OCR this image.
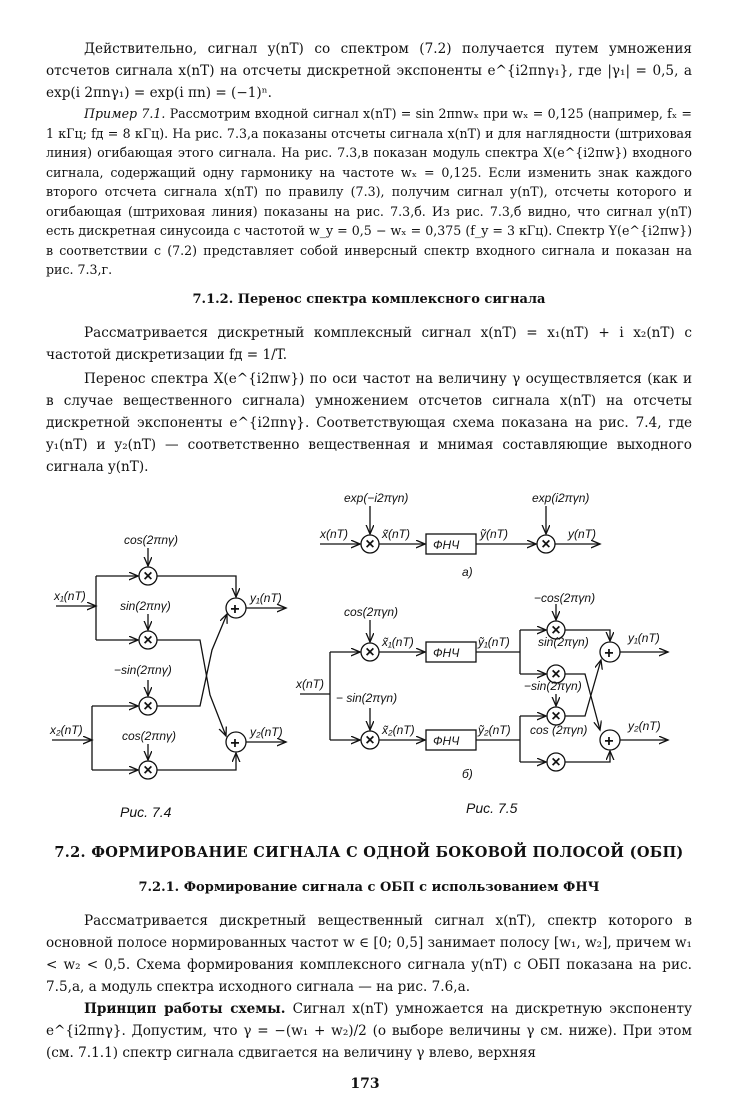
Действительно, сигнал y(nT) со спектром (7.2) получается путем умножения отсчетов сигнала x(nT) на отсчеты дискретной экспоненты e^{i2πnγ₁}, где |γ₁| = 0,5, а exp(i 2πnγ₁) = exp(i πn) = (−1)ⁿ.

Пример 7.1. Рассмотрим входной сигнал x(nT) = sin 2πnwₓ при wₓ = 0,125 (например, fₓ = 1 кГц; fд = 8 кГц). На рис. 7.3,а показаны отсчеты сигнала x(nT) и для наглядности (штриховая линия) огибающая этого сигнала. На рис. 7.3,в показан модуль спектра X(e^{i2πw}) входного сигнала, содержащий одну гармонику на частоте wₓ = 0,125. Если изменить знак каждого второго отсчета сигнала x(nT) по правилу (7.3), получим сигнал y(nT), отсчеты которого и огибающая (штриховая линия) показаны на рис. 7.3,б. Из рис. 7.3,б видно, что сигнал y(nT) есть дискретная синусоида с частотой w_y = 0,5 − wₓ = 0,375 (f_y = 3 кГц). Спектр Y(e^{i2πw}) в соответствии с (7.2) представляет собой инверсный спектр входного сигнала и показан на рис. 7.3,г.

7.1.2. Перенос спектра комплексного сигнала

Рассматривается дискретный комплексный сигнал x(nT) = x₁(nT) + i x₂(nT) с частотой дискретизации fд = 1/T.

Перенос спектра X(e^{i2πw}) по оси частот на величину γ осуществляется (как и в случае вещественного сигнала) умножением отсчетов сигнала x(nT) на отсчеты дискретной экспоненты e^{i2πnγ}. Соответствующая схема показана на рис. 7.4, где y₁(nT) и y₂(nT) — соответственно вещественная и мнимая составляющие выходного сигнала y(nT).

cos(2πnγ)
sin(2πnγ)
−sin(2πnγ)
cos(2πnγ)
x₁(nT)
x₂(nT)
y₁(nT)
y₂(nT)
exp(−i2πγn)	exp(i2πγn)
x(nT)	x̃(nT)
ФНЧ
ỹ(nT)	y(nT)
а)
cos(2πγn)
− sin(2πγn)
x(nT)
x̃₁(nT)
x̃₂(nT)
ФНЧ
ФНЧ
ỹ₁(nT)
ỹ₂(nT)
−cos(2πγn)
sin(2πγn)
−sin(2πγn)
cos (2πγn)
y₁(nT)
y₂(nT)
б)
×
×
×
×
+
+
×	×
×
×
×
×
×
×
+
+
Рис. 7.4	Рис. 7.5

7.2. ФОРМИРОВАНИЕ СИГНАЛА С ОДНОЙ БОКОВОЙ ПОЛОСОЙ (ОБП)

7.2.1. Формирование сигнала с ОБП с использованием ФНЧ

Рассматривается дискретный вещественный сигнал x(nT), спектр которого в основной полосе нормированных частот w ∈ [0; 0,5] занимает полосу [w₁, w₂], причем w₁ < w₂ < 0,5. Схема формирования комплексного сигнала y(nT) с ОБП показана на рис. 7.5,а, а модуль спектра исходного сигнала — на рис. 7.6,а.

Принцип работы схемы. Сигнал x(nT) умножается на дискретную экспоненту e^{i2πnγ}. Допустим, что γ = −(w₁ + w₂)/2 (о выборе величины γ см. ниже). При этом (см. 7.1.1) спектр сигнала сдвигается на величину γ влево, верхняя

173
